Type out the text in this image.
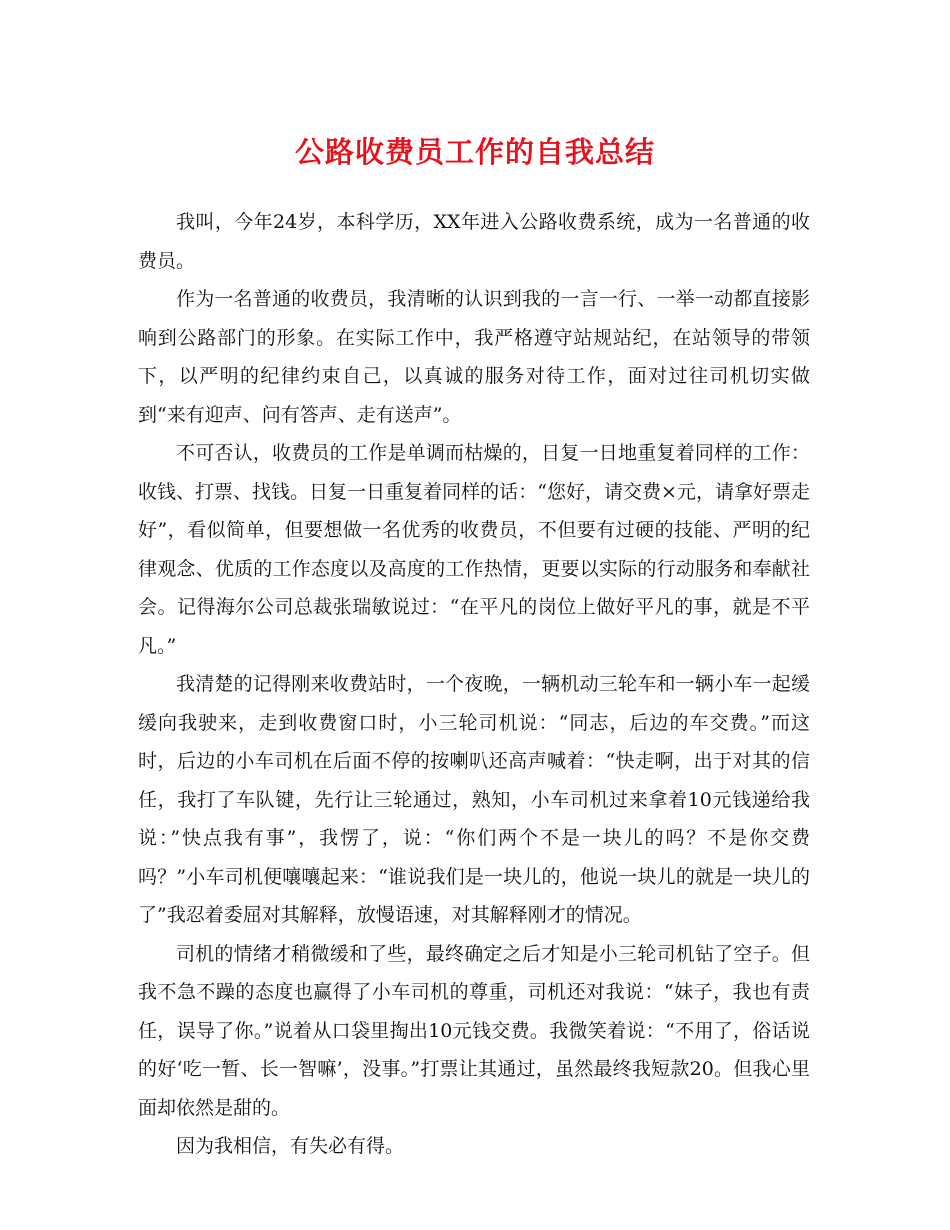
公路收费员工作的自我总结

我叫，今年24岁，本科学历，XX年进入公路收费系统，成为一名普通的收费员。

作为一名普通的收费员，我清晰的认识到我的一言一行、一举一动都直接影响到公路部门的形象。在实际工作中，我严格遵守站规站纪，在站领导的带领下，以严明的纪律约束自己，以真诚的服务对待工作，面对过往司机切实做到“来有迎声、问有答声、走有送声”。

不可否认，收费员的工作是单调而枯燥的，日复一日地重复着同样的工作：收钱、打票、找钱。日复一日重复着同样的话：“您好，请交费×元，请拿好票走好”，看似简单，但要想做一名优秀的收费员，不但要有过硬的技能、严明的纪律观念、优质的工作态度以及高度的工作热情，更要以实际的行动服务和奉献社会。记得海尔公司总裁张瑞敏说过：“在平凡的岗位上做好平凡的事，就是不平凡。”

我清楚的记得刚来收费站时，一个夜晚，一辆机动三轮车和一辆小车一起缓缓向我驶来，走到收费窗口时，小三轮司机说：“同志，后边的车交费。”而这时，后边的小车司机在后面不停的按喇叭还高声喊着：“快走啊，出于对其的信任，我打了车队键，先行让三轮通过，熟知，小车司机过来拿着10元钱递给我说：”快点我有事”，我愣了，说：“你们两个不是一块儿的吗？不是你交费吗？”小车司机便嚷嚷起来：“谁说我们是一块儿的，他说一块儿的就是一块儿的了”我忍着委屈对其解释，放慢语速，对其解释刚才的情况。

司机的情绪才稍微缓和了些，最终确定之后才知是小三轮司机钻了空子。但我不急不躁的态度也赢得了小车司机的尊重，司机还对我说：“妹子，我也有责任，误导了你。”说着从口袋里掏出10元钱交费。我微笑着说：“不用了，俗话说的好‘吃一暂、长一智嘛’，没事。”打票让其通过，虽然最终我短款20。但我心里面却依然是甜的。

因为我相信，有失必有得。
